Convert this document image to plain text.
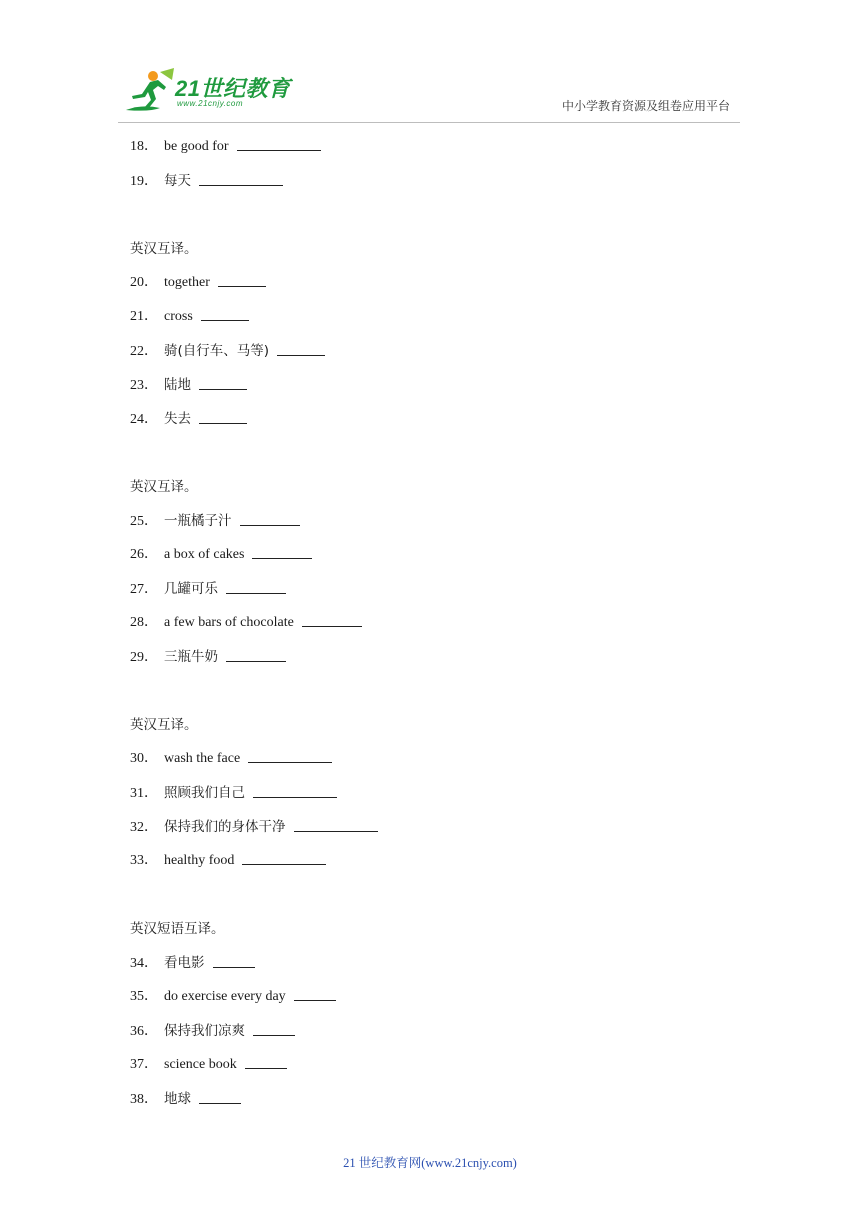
21世纪教育
www.21cnjy.com	中小学教育资源及组卷应用平台
18． be good for
19． 每天
英汉互译。
20． together
21． cross
22． 骑(自行车、马等)
23． 陆地
24． 失去
英汉互译。
25． 一瓶橘子汁
26． a box of cakes
27． 几罐可乐
28． a few bars of chocolate
29． 三瓶牛奶
英汉互译。
30． wash the face
31． 照顾我们自己
32． 保持我们的身体干净
33． healthy food
英汉短语互译。
34． 看电影
35． do exercise every day
36． 保持我们凉爽
37． science book
38． 地球
21 世纪教育网(www.21cnjy.com)
